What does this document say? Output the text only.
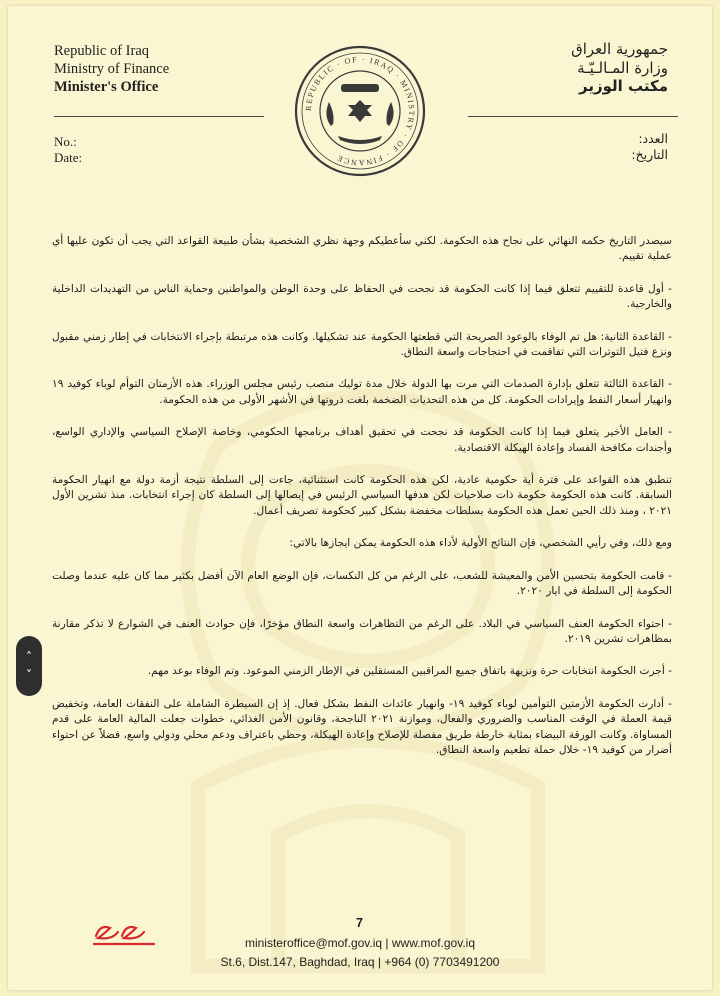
Republic of Iraq
Ministry of Finance
Minister's Office
جمهورية العراق
وزارة المـالـيّـة
مكتب الوزير
No.:
Date:
العدد:
التاريخ:
REPUBLIC · OF · IRAQ · MINISTRY · OF · FINANCE

سيصدر التاريخ حكمه النهائي على نجاح هذه الحكومة. لكني سأعطيكم وجهة نظري الشخصية بشأن طبيعة القواعد التي يجب أن تكون عليها أي عملية تقييم.

- أول قاعدة للتقييم تتعلق فيما إذا كانت الحكومة قد نجحت في الحفاظ على وحدة الوطن والمواطنين وحماية الناس من التهديدات الداخلية والخارجية.

- القاعدة الثانية: هل تم الوفاء بالوعود الصريحة التي قطعتها الحكومة عند تشكيلها. وكانت هذه مرتبطة بإجراء الانتخابات في إطار زمني مقبول ونزع فتيل التوترات التي تفاقمت في احتجاجات واسعة النطاق.

- القاعدة الثالثة تتعلق بإدارة الصدمات التي مرت بها الدولة خلال مدة توليك منصب رئيس مجلس الوزراء. هذه الأزمتان التوأم لوباء كوفيد ١٩ وانهيار أسعار النفط وإيرادات الحكومة. كل من هذه التحديات الضخمة بلغت ذروتها في الأشهر الأولى من هذه الحكومة.

- العامل الأخير يتعلق فيما إذا كانت الحكومة قد نجحت في تحقيق أهداف برنامجها الحكومي، وخاصة الإصلاح السياسي والإداري الواسع، وأجندات مكافحة الفساد وإعادة الهيكلة الاقتصادية.

تنطبق هذه القواعد على فترة أية حكومية عادية، لكن هذه الحكومة كانت استثنائية، جاءت إلى السلطة نتيجة أزمة دولة مع انهيار الحكومة السابقة. كانت هذه الحكومة حكومة ذات صلاحيات لكن هدفها السياسي الرئيس في إيصالها إلى السلطة كان إجراء انتخابات. منذ تشرين الأول ٢٠٢١ ، ومنذ ذلك الحين تعمل هذه الحكومة بسلطات مخفضة بشكل كبير كحكومة تصريف أعمال.

ومع ذلك، وفي رأيي الشخصي، فإن النتائج الأولية لأداء هذه الحكومة يمكن ايجازها بالاتي:

- قامت الحكومة بتحسين الأمن والمعيشة للشعب، على الرغم من كل النكسات، فإن الوضع العام الآن أفضل بكثير مما كان عليه عندما وصلت الحكومة إلى السلطة في ايار ٢٠٢٠.

- احتواء الحكومة العنف السياسي في البلاد. على الرغم من التظاهرات واسعة النطاق مؤخرًا، فإن حوادث العنف في الشوارع لا تذكر مقارنة بمظاهرات تشرين ٢٠١٩.

- أجرت الحكومة انتخابات حرة ونزيهة باتفاق جميع المراقبين المستقلين في الإطار الزمني الموعود. وتم الوفاء بوعد مهم.

- أدارت الحكومة الأزمتين التوأمين لوباء كوفيد ١٩- وانهيار عائدات النفط بشكل فعال. إذ إن السيطرة الشاملة على النفقات العامة، وتخفيض قيمة العملة في الوقت المناسب والضروري والفعال، وموازنة ٢٠٢١ الناجحة، وقانون الأمن الغذائي، خطوات جعلت المالية العامة على قدم المساواة. وكانت الورقة البيضاء بمثابة خارطة طريق مفصلة للإصلاح وإعادة الهيكلة، وحظي باعتراف ودعم محلي ودولي واسع، فضلاً عن احتواء أضرار من كوفيد ١٩- خلال حملة تطعيم واسعة النطاق.

7
ministeroffice@mof.gov.iq | www.mof.gov.iq
St.6, Dist.147, Baghdad, Iraq | +964 (0) 7703491200
˄
˅
